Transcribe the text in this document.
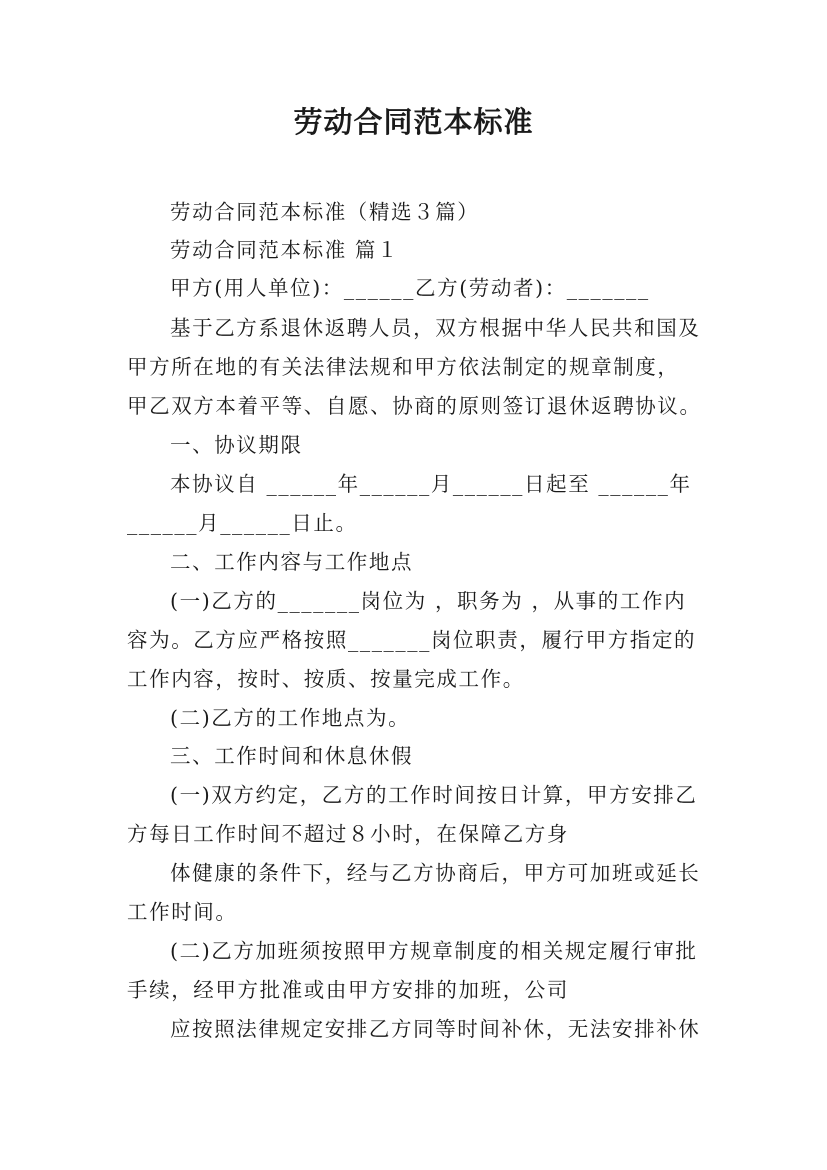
劳动合同范本标准

劳动合同范本标准（精选３篇）

劳动合同范本标准 篇１

甲方(用人单位)：______乙方(劳动者)：_______

基于乙方系退休返聘人员，双方根据中华人民共和国及

甲方所在地的有关法律法规和甲方依法制定的规章制度，

甲乙双方本着平等、自愿、协商的原则签订退休返聘协议。

一、协议期限

本协议自 ______年______月______日起至 ______年

______月______日止。

二、工作内容与工作地点

(一)乙方的_______岗位为 ，职务为 ，从事的工作内

容为。乙方应严格按照_______岗位职责，履行甲方指定的

工作内容，按时、按质、按量完成工作。

(二)乙方的工作地点为。

三、工作时间和休息休假

(一)双方约定，乙方的工作时间按日计算，甲方安排乙

方每日工作时间不超过８小时，在保障乙方身

体健康的条件下，经与乙方协商后，甲方可加班或延长

工作时间。

(二)乙方加班须按照甲方规章制度的相关规定履行审批

手续，经甲方批准或由甲方安排的加班，公司

应按照法律规定安排乙方同等时间补休，无法安排补休
